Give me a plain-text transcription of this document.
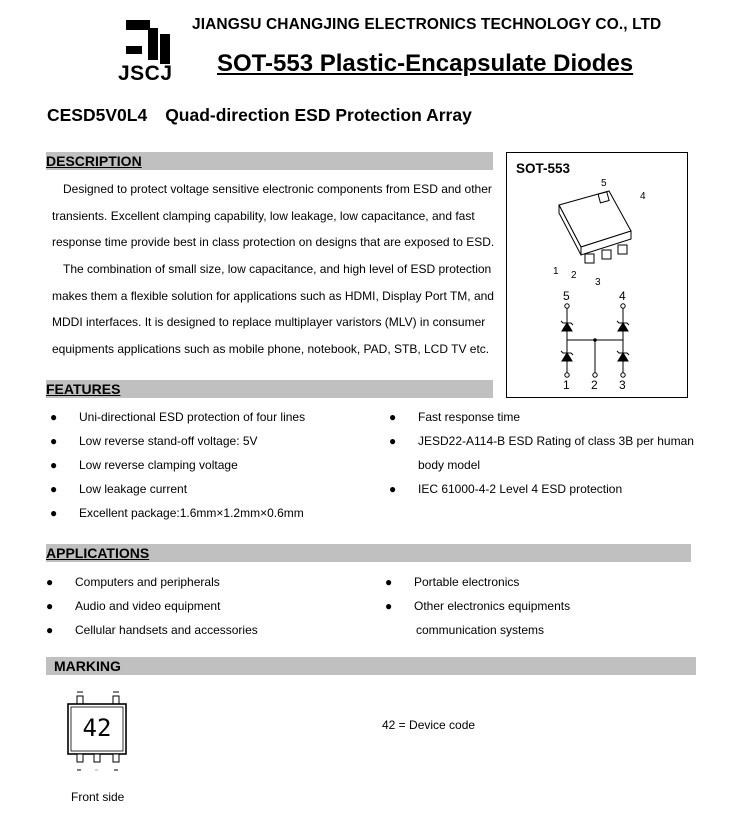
JSCJ
JIANGSU CHANGJING ELECTRONICS TECHNOLOGY CO., LTD
SOT-553 Plastic-Encapsulate Diodes
CESD5V0L4 Quad-direction ESD Protection Array
DESCRIPTION
Designed to protect voltage sensitive electronic components from ESD and other
transients. Excellent clamping capability, low leakage, low capacitance, and fast
response time provide best in class protection on designs that are exposed to ESD.
The combination of small size, low capacitance, and high level of ESD protection
makes them a flexible solution for applications such as HDMI, Display Port TM, and
MDDI interfaces. It is designed to replace multiplayer varistors (MLV) in consumer
equipments applications such as mobile phone, notebook, PAD, STB, LCD TV etc.
SOT-553
5
4
1 2
3
5	4
1 2 3
FEATURES
● Uni-directional ESD protection of four lines
● Low reverse stand-off voltage: 5V
● Low reverse clamping voltage
● Low leakage current
● Excellent package:1.6mm×1.2mm×0.6mm
● Fast response time
● JESD22-A114-B ESD Rating of class 3B per human
body model
● IEC 61000-4-2 Level 4 ESD protection
APPLICATIONS
● Computers and peripherals
● Audio and video equipment
● Cellular handsets and accessories
● Portable electronics
● Other electronics equipments
communication systems
MARKING
42	42 = Device code
Front side
